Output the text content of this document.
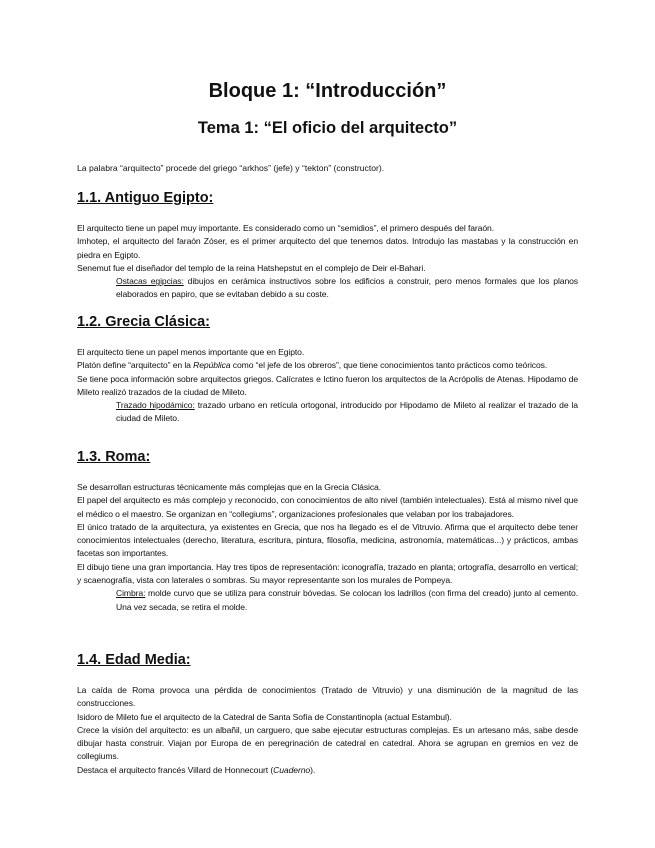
Bloque 1: “Introducción”
Tema 1: “El oficio del arquitecto”
La palabra “arquitecto” procede del griego “arkhos” (jefe) y “tekton” (constructor).
1.1. Antiguo Egipto:

El arquitecto tiene un papel muy importante. Es considerado como un “semidios”, el primero después del faraón.

Imhotep, el arquitecto del faraón Zóser, es el primer arquitecto del que tenemos datos. Introdujo las mastabas y la construcción en piedra en Egipto.

Senemut fue el diseñador del templo de la reina Hatshepstut en el complejo de Deir el-Bahari.

Ostacas egipcias: dibujos en cerámica instructivos sobre los edificios a construir, pero menos formales que los planos elaborados en papiro, que se evitaban debido a su coste.

1.2. Grecia Clásica:

El arquitecto tiene un papel menos importante que en Egipto.

Platón define “arquitecto” en la República como “el jefe de los obreros”, que tiene conocimientos tanto prácticos como teóricos.

Se tiene poca información sobre arquitectos griegos. Calícrates e Ictino fueron los arquitectos de la Acrópolis de Atenas. Hipodamo de Mileto realizó trazados de la ciudad de Mileto.

Trazado hipodámico: trazado urbano en retícula ortogonal, introducido por Hipodamo de Mileto al realizar el trazado de la ciudad de Mileto.

1.3. Roma:

Se desarrollan estructuras técnicamente más complejas que en la Grecia Clásica.

El papel del arquitecto es más complejo y reconocido, con conocimientos de alto nivel (también intelectuales). Está al mismo nivel que el médico o el maestro. Se organizan en “collegiums”, organizaciones profesionales que velaban por los trabajadores.

El único tratado de la arquitectura, ya existentes en Grecia, que nos ha llegado es el de Vitruvio. Afirma que el arquitecto debe tener conocimientos intelectuales (derecho, literatura, escritura, pintura, filosofía, medicina, astronomía, matemáticas...) y prácticos, ambas facetas son importantes.

El dibujo tiene una gran importancia. Hay tres tipos de representación: iconografía, trazado en planta; ortografía, desarrollo en vertical; y scaenografía, vista con laterales o sombras. Su mayor representante son los murales de Pompeya.

Cimbra: molde curvo que se utiliza para construir bóvedas. Se colocan los ladrillos (con firma del creado) junto al cemento. Una vez secada, se retira el molde.

1.4. Edad Media:

La caída de Roma provoca una pérdida de conocimientos (Tratado de Vitruvio) y una disminución de la magnitud de las construcciones.

Isidoro de Mileto fue el arquitecto de la Catedral de Santa Sofía de Constantinopla (actual Estambul).

Crece la visión del arquitecto: es un albañil, un carguero, que sabe ejecutar estructuras complejas. Es un artesano más, sabe desde dibujar hasta construir. Viajan por Europa de en peregrinación de catedral en catedral. Ahora se agrupan en gremios en vez de collegiums.

Destaca el arquitecto francés Villard de Honnecourt (Cuaderno).
